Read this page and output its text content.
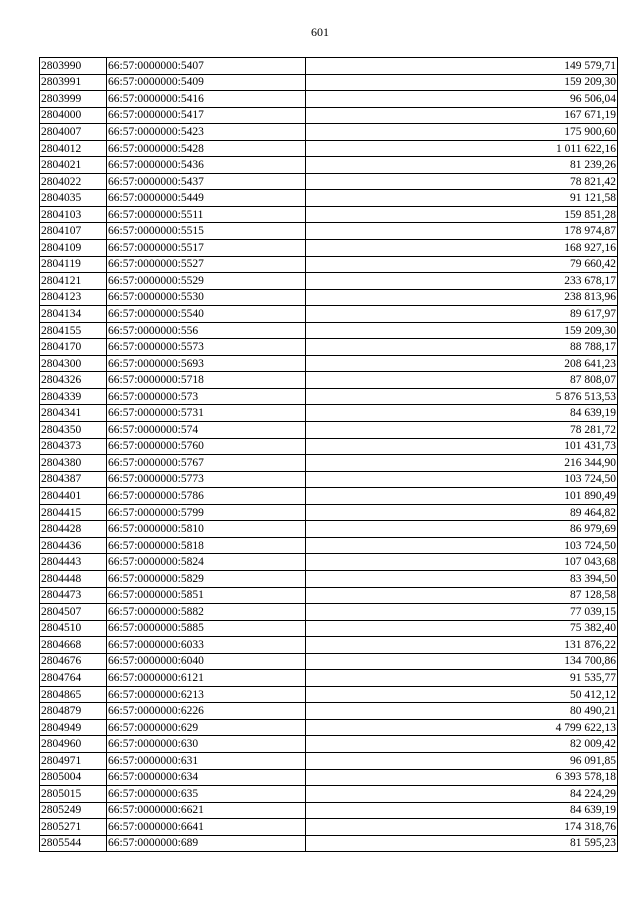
601
2803990	66:57:0000000:5407	149 579,71
2803991	66:57:0000000:5409	159 209,30
2803999	66:57:0000000:5416	96 506,04
2804000	66:57:0000000:5417	167 671,19
2804007	66:57:0000000:5423	175 900,60
2804012	66:57:0000000:5428	1 011 622,16
2804021	66:57:0000000:5436	81 239,26
2804022	66:57:0000000:5437	78 821,42
2804035	66:57:0000000:5449	91 121,58
2804103	66:57:0000000:5511	159 851,28
2804107	66:57:0000000:5515	178 974,87
2804109	66:57:0000000:5517	168 927,16
2804119	66:57:0000000:5527	79 660,42
2804121	66:57:0000000:5529	233 678,17
2804123	66:57:0000000:5530	238 813,96
2804134	66:57:0000000:5540	89 617,97
2804155	66:57:0000000:556	159 209,30
2804170	66:57:0000000:5573	88 788,17
2804300	66:57:0000000:5693	208 641,23
2804326	66:57:0000000:5718	87 808,07
2804339	66:57:0000000:573	5 876 513,53
2804341	66:57:0000000:5731	84 639,19
2804350	66:57:0000000:574	78 281,72
2804373	66:57:0000000:5760	101 431,73
2804380	66:57:0000000:5767	216 344,90
2804387	66:57:0000000:5773	103 724,50
2804401	66:57:0000000:5786	101 890,49
2804415	66:57:0000000:5799	89 464,82
2804428	66:57:0000000:5810	86 979,69
2804436	66:57:0000000:5818	103 724,50
2804443	66:57:0000000:5824	107 043,68
2804448	66:57:0000000:5829	83 394,50
2804473	66:57:0000000:5851	87 128,58
2804507	66:57:0000000:5882	77 039,15
2804510	66:57:0000000:5885	75 382,40
2804668	66:57:0000000:6033	131 876,22
2804676	66:57:0000000:6040	134 700,86
2804764	66:57:0000000:6121	91 535,77
2804865	66:57:0000000:6213	50 412,12
2804879	66:57:0000000:6226	80 490,21
2804949	66:57:0000000:629	4 799 622,13
2804960	66:57:0000000:630	82 009,42
2804971	66:57:0000000:631	96 091,85
2805004	66:57:0000000:634	6 393 578,18
2805015	66:57:0000000:635	84 224,29
2805249	66:57:0000000:6621	84 639,19
2805271	66:57:0000000:6641	174 318,76
2805544	66:57:0000000:689	81 595,23
